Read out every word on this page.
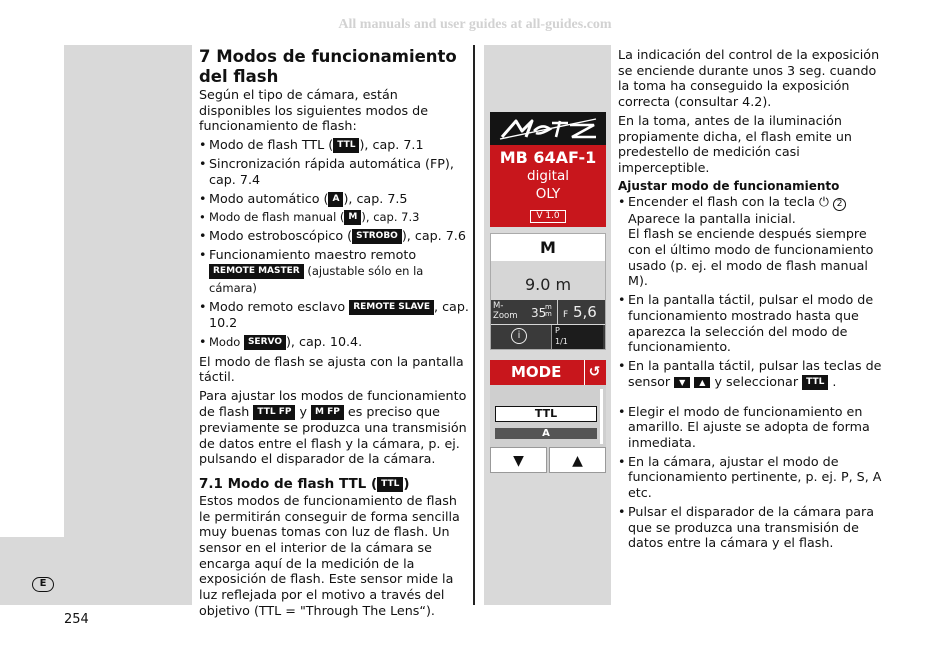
All manuals and user guides at all-guides.com
E
254
7 Modos de funcionamiento del flash

Según el tipo de cámara, están disponibles los siguientes modos de funcionamiento de flash:

• Modo de flash TTL ( TTL ), cap. 7.1
• Sincronización rápida automática (FP), cap. 7.4
• Modo automático ( A ), cap. 7.5
• Modo de flash manual ( M ), cap. 7.3
• Modo estroboscópico ( STROBO ), cap. 7.6
• Funcionamiento maestro remoto REMOTE MASTER (ajustable sólo en la cámara)
• Modo remoto esclavo REMOTE SLAVE , cap. 10.2
• Modo SERVO ), cap. 10.4.

El modo de flash se ajusta con la pantalla táctil.

Para ajustar los modos de funcionamiento de flash TTL FP y M FP es preciso que previamente se produzca una transmisión de datos entre el flash y la cámara, p. ej. pulsando el disparador de la cámara.

7.1 Modo de flash TTL ( TTL )

Estos modos de funcionamiento de flash le permitirán conseguir de forma sencilla muy buenas tomas con luz de flash. Un sensor en el interior de la cámara se encarga aquí de la medición de la exposición de flash. Este sensor mide la luz reflejada por el motivo a través del objetivo (TTL = "Through The Lens“).

MB 64AF-1
digital
OLY
V 1.0
M
9.0 m
M-
Zoom 35
m
m F 5,6
i	P
1/1
MODE	↺
TTL
A
▼	▲

La indicación del control de la exposición se enciende durante unos 3 seg. cuando la toma ha conseguido la exposición correcta (consultar 4.2).

En la toma, antes de la iluminación propiamente dicha, el flash emite un predestello de medición casi imperceptible.

Ajustar modo de funcionamiento
• Encender el flash con la tecla ⏻ 2
Aparece la pantalla inicial.
El flash se enciende después siempre con el último modo de funcionamiento usado (p. ej. el modo de flash manual M).
• En la pantalla táctil, pulsar el modo de funcionamiento mostrado hasta que aparezca la selección del modo de funcionamiento.
• En la pantalla táctil, pulsar las teclas de sensor ▼ ▲ y seleccionar TTL .
• Elegir el modo de funcionamiento en amarillo. El ajuste se adopta de forma inmediata.
• En la cámara, ajustar el modo de funcionamiento pertinente, p. ej. P, S, A etc.
• Pulsar el disparador de la cámara para que se produzca una transmisión de datos entre la cámara y el flash.
